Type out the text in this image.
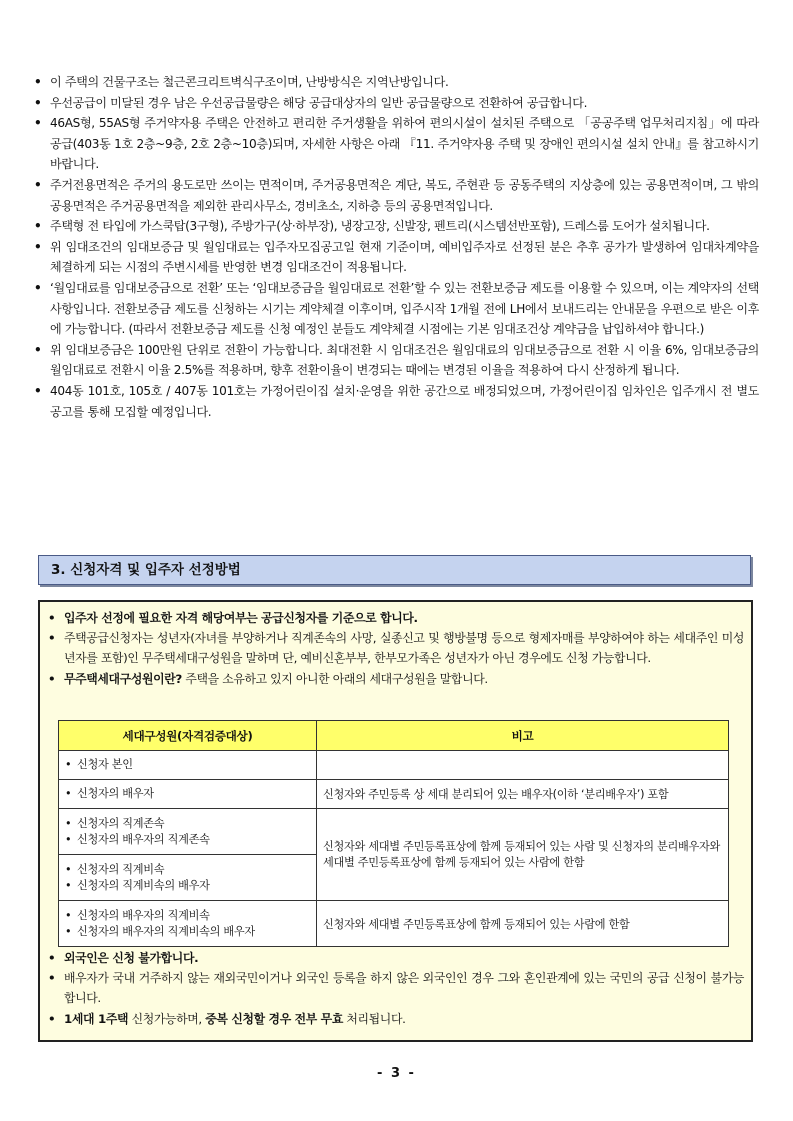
• 이 주택의 건물구조는 철근콘크리트벽식구조이며, 난방방식은 지역난방입니다.
• 우선공급이 미달된 경우 남은 우선공급물량은 해당 공급대상자의 일반 공급물량으로 전환하여 공급합니다.
• 46AS형, 55AS형 주거약자용 주택은 안전하고 편리한 주거생활을 위하여 편의시설이 설치된 주택으로 「공공주택 업무처리지침」에 따라 공급(403동 1호 2층~9층, 2호 2층~10층)되며, 자세한 사항은 아래 『11. 주거약자용 주택 및 장애인 편의시설 설치 안내』를 참고하시기 바랍니다.
• 주거전용면적은 주거의 용도로만 쓰이는 면적이며, 주거공용면적은 계단, 복도, 주현관 등 공동주택의 지상층에 있는 공용면적이며, 그 밖의 공용면적은 주거공용면적을 제외한 관리사무소, 경비초소, 지하층 등의 공용면적입니다.
• 주택형 전 타입에 가스쿡탑(3구형), 주방가구(상·하부장), 냉장고장, 신발장, 펜트리(시스템선반포함), 드레스룸 도어가 설치됩니다.
• 위 임대조건의 임대보증금 및 월임대료는 입주자모집공고일 현재 기준이며, 예비입주자로 선정된 분은 추후 공가가 발생하여 임대차계약을 체결하게 되는 시점의 주변시세를 반영한 변경 임대조건이 적용됩니다.
• ‘월임대료를 임대보증금으로 전환’ 또는 ‘임대보증금을 월임대료로 전환’할 수 있는 전환보증금 제도를 이용할 수 있으며, 이는 계약자의 선택사항입니다. 전환보증금 제도를 신청하는 시기는 계약체결 이후이며, 입주시작 1개월 전에 LH에서 보내드리는 안내문을 우편으로 받은 이후에 가능합니다. (따라서 전환보증금 제도를 신청 예정인 분들도 계약체결 시점에는 기본 임대조건상 계약금을 납입하셔야 합니다.)
• 위 임대보증금은 100만원 단위로 전환이 가능합니다. 최대전환 시 임대조건은 월임대료의 임대보증금으로 전환 시 이율 6%, 임대보증금의 월임대료로 전환시 이율 2.5%를 적용하며, 향후 전환이율이 변경되는 때에는 변경된 이율을 적용하여 다시 산정하게 됩니다.
• 404동 101호, 105호 / 407동 101호는 가정어린이집 설치·운영을 위한 공간으로 배정되었으며, 가정어린이집 임차인은 입주개시 전 별도 공고를 통해 모집할 예정입니다.
3. 신청자격 및 입주자 선정방법
• 입주자 선정에 필요한 자격 해당여부는 공급신청자를 기준으로 합니다.
• 주택공급신청자는 성년자(자녀를 부양하거나 직계존속의 사망, 실종신고 및 행방불명 등으로 형제자매를 부양하여야 하는 세대주인 미성년자를 포함)인 무주택세대구성원을 말하며 단, 예비신혼부부, 한부모가족은 성년자가 아닌 경우에도 신청 가능합니다.
• 무주택세대구성원이란? 주택을 소유하고 있지 아니한 아래의 세대구성원을 말합니다.
세대구성원(자격검증대상)	비고

• 신청자 본인

• 신청자의 배우자	신청자와 주민등록 상 세대 분리되어 있는 배우자(이하 ‘분리배우자’) 포함

• 신청자의 직계존속
• 신청자의 배우자의 직계존속	신청자와 세대별 주민등록표상에 함께 등재되어 있는 사람 및 신청자의 분리배우자와 세대별 주민등록표상에 함께 등재되어 있는 사람에 한함

• 신청자의 직계비속
• 신청자의 직계비속의 배우자

• 신청자의 배우자의 직계비속
• 신청자의 배우자의 직계비속의 배우자	신청자와 세대별 주민등록표상에 함께 등재되어 있는 사람에 한함
• 외국인은 신청 불가합니다.
• 배우자가 국내 거주하지 않는 재외국민이거나 외국인 등록을 하지 않은 외국인인 경우 그와 혼인관계에 있는 국민의 공급 신청이 불가능합니다.
• 1세대 1주택 신청가능하며, 중복 신청할 경우 전부 무효 처리됩니다.
- 3 -
